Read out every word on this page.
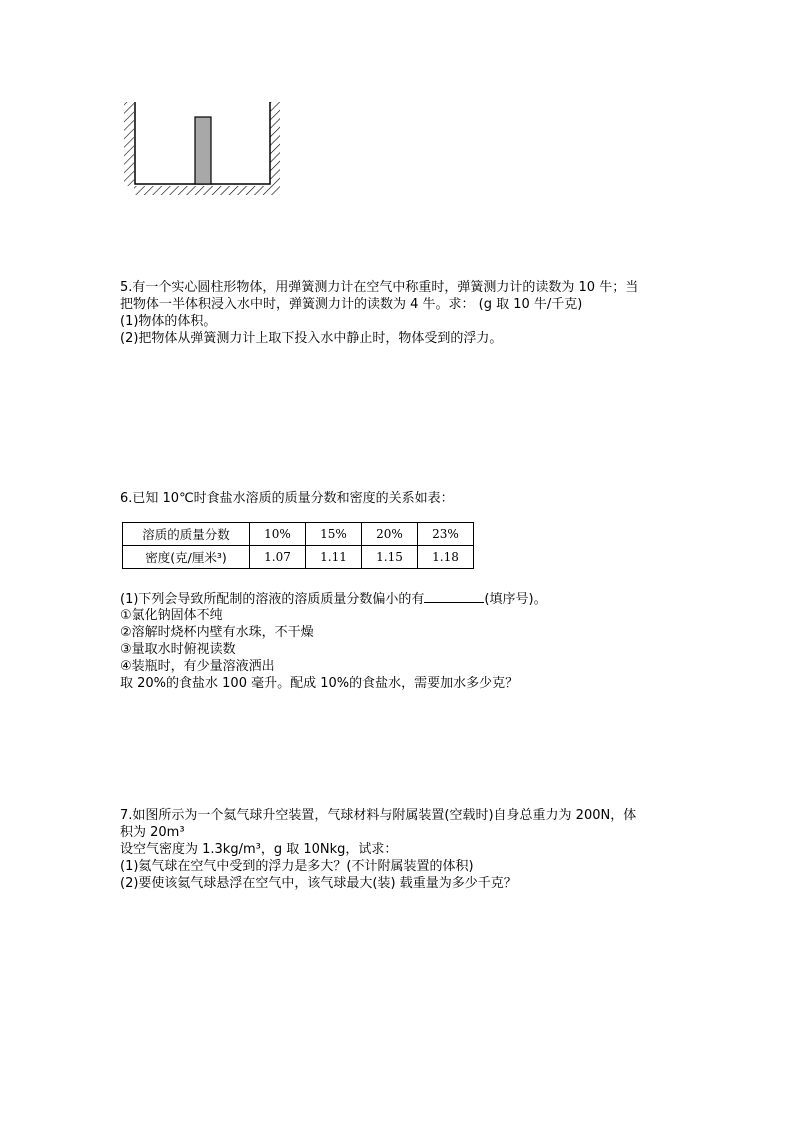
5.有一个实心圆柱形物体，用弹簧测力计在空气中称重时，弹簧测力计的读数为 10 牛；当
把物体一半体积浸入水中时，弹簧测力计的读数为 4 牛。求： (g 取 10 牛/千克)
(1)物体的体积。
(2)把物体从弹簧测力计上取下投入水中静止时，物体受到的浮力。
6.已知 10℃时食盐水溶质的质量分数和密度的关系如表：
溶质的质量分数	10%	15%	20%	23%
密度(克/厘米³)	1.07	1.11	1.15	1.18
(1)下列会导致所配制的溶液的溶质质量分数偏小的有	(填序号)。
①氯化钠固体不纯
②溶解时烧杯内壁有水珠，不干燥
③量取水时俯视读数
④装瓶时，有少量溶液洒出
取 20%的食盐水 100 毫升。配成 10%的食盐水，需要加水多少克？
7.如图所示为一个氦气球升空装置，气球材料与附属装置(空载时)自身总重力为 200N，体
积为 20m³
设空气密度为 1.3kg/m³，g 取 10Nkg，试求：
(1)氦气球在空气中受到的浮力是多大？(不计附属装置的体积)
(2)要使该氦气球悬浮在空气中，该气球最大(装) 载重量为多少千克？
